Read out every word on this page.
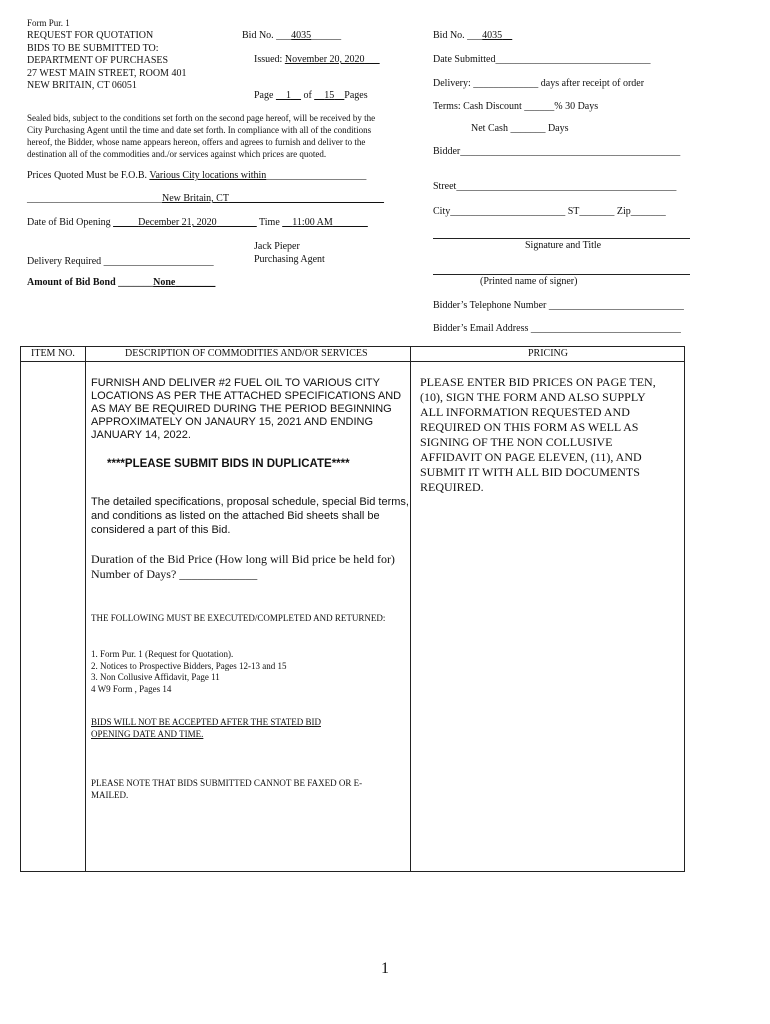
Form Pur. 1
REQUEST FOR QUOTATION
BIDS TO BE SUBMITTED TO:
DEPARTMENT OF PURCHASES
27 WEST MAIN STREET, ROOM 401
NEW BRITAIN, CT 06051
Bid No. ___4035______
Issued: November 20, 2020___
Page __1__ of __15__Pages
Sealed bids, subject to the conditions set forth on the second page hereof, will be received by the City Purchasing Agent until the time and date set forth. In compliance with all of the conditions hereof, the Bidder, whose name appears hereon, offers and agrees to furnish and deliver to the destination all of the commodities and./or services against which prices are quoted.
Prices Quoted Must be F.O.B. Various City locations within____________________
___________________________New Britain, CT_______________________________
Date of Bid Opening _____December 21, 2020________ Time __11:00 AM_______
Jack Pieper
Purchasing Agent
Delivery Required ______________________
Amount of Bid Bond _______None________
Bid No. ___4035__
Date Submitted_______________________________
Delivery: _____________ days after receipt of order
Terms: Cash Discount ______% 30 Days
Net Cash _______ Days
Bidder____________________________________________
Street____________________________________________
City_______________________ ST_______ Zip_______
Signature and Title
(Printed name of signer)
Bidder’s Telephone Number ___________________________
Bidder’s Email Address ______________________________
ITEM NO.	DESCRIPTION OF COMMODITIES AND/OR SERVICES	PRICING
FURNISH AND DELIVER #2 FUEL OIL TO VARIOUS CITY LOCATIONS AS PER THE ATTACHED SPECIFICATIONS AND AS MAY BE REQUIRED DURING THE PERIOD BEGINNING APPROXIMATELY ON JANAURY 15, 2021 AND ENDING JANUARY 14, 2022.
****PLEASE SUBMIT BIDS IN DUPLICATE****
The detailed specifications, proposal schedule, special Bid terms, and conditions as listed on the attached Bid sheets shall be considered a part of this Bid.
Duration of the Bid Price (How long will Bid price be held for) Number of Days? _____________
THE FOLLOWING MUST BE EXECUTED/COMPLETED AND RETURNED:
1. Form Pur. 1 (Request for Quotation).
2. Notices to Prospective Bidders, Pages 12-13 and 15
3. Non Collusive Affidavit, Page 11
4 W9 Form , Pages 14
BIDS WILL NOT BE ACCEPTED AFTER THE STATED BID OPENING DATE AND TIME.
PLEASE NOTE THAT BIDS SUBMITTED CANNOT BE FAXED OR E-MAILED.
PLEASE ENTER BID PRICES ON PAGE TEN, (10), SIGN THE FORM AND ALSO SUPPLY ALL INFORMATION REQUESTED AND REQUIRED ON THIS FORM AS WELL AS SIGNING OF THE NON COLLUSIVE AFFIDAVIT ON PAGE ELEVEN, (11), AND SUBMIT IT WITH ALL BID DOCUMENTS REQUIRED.
1
